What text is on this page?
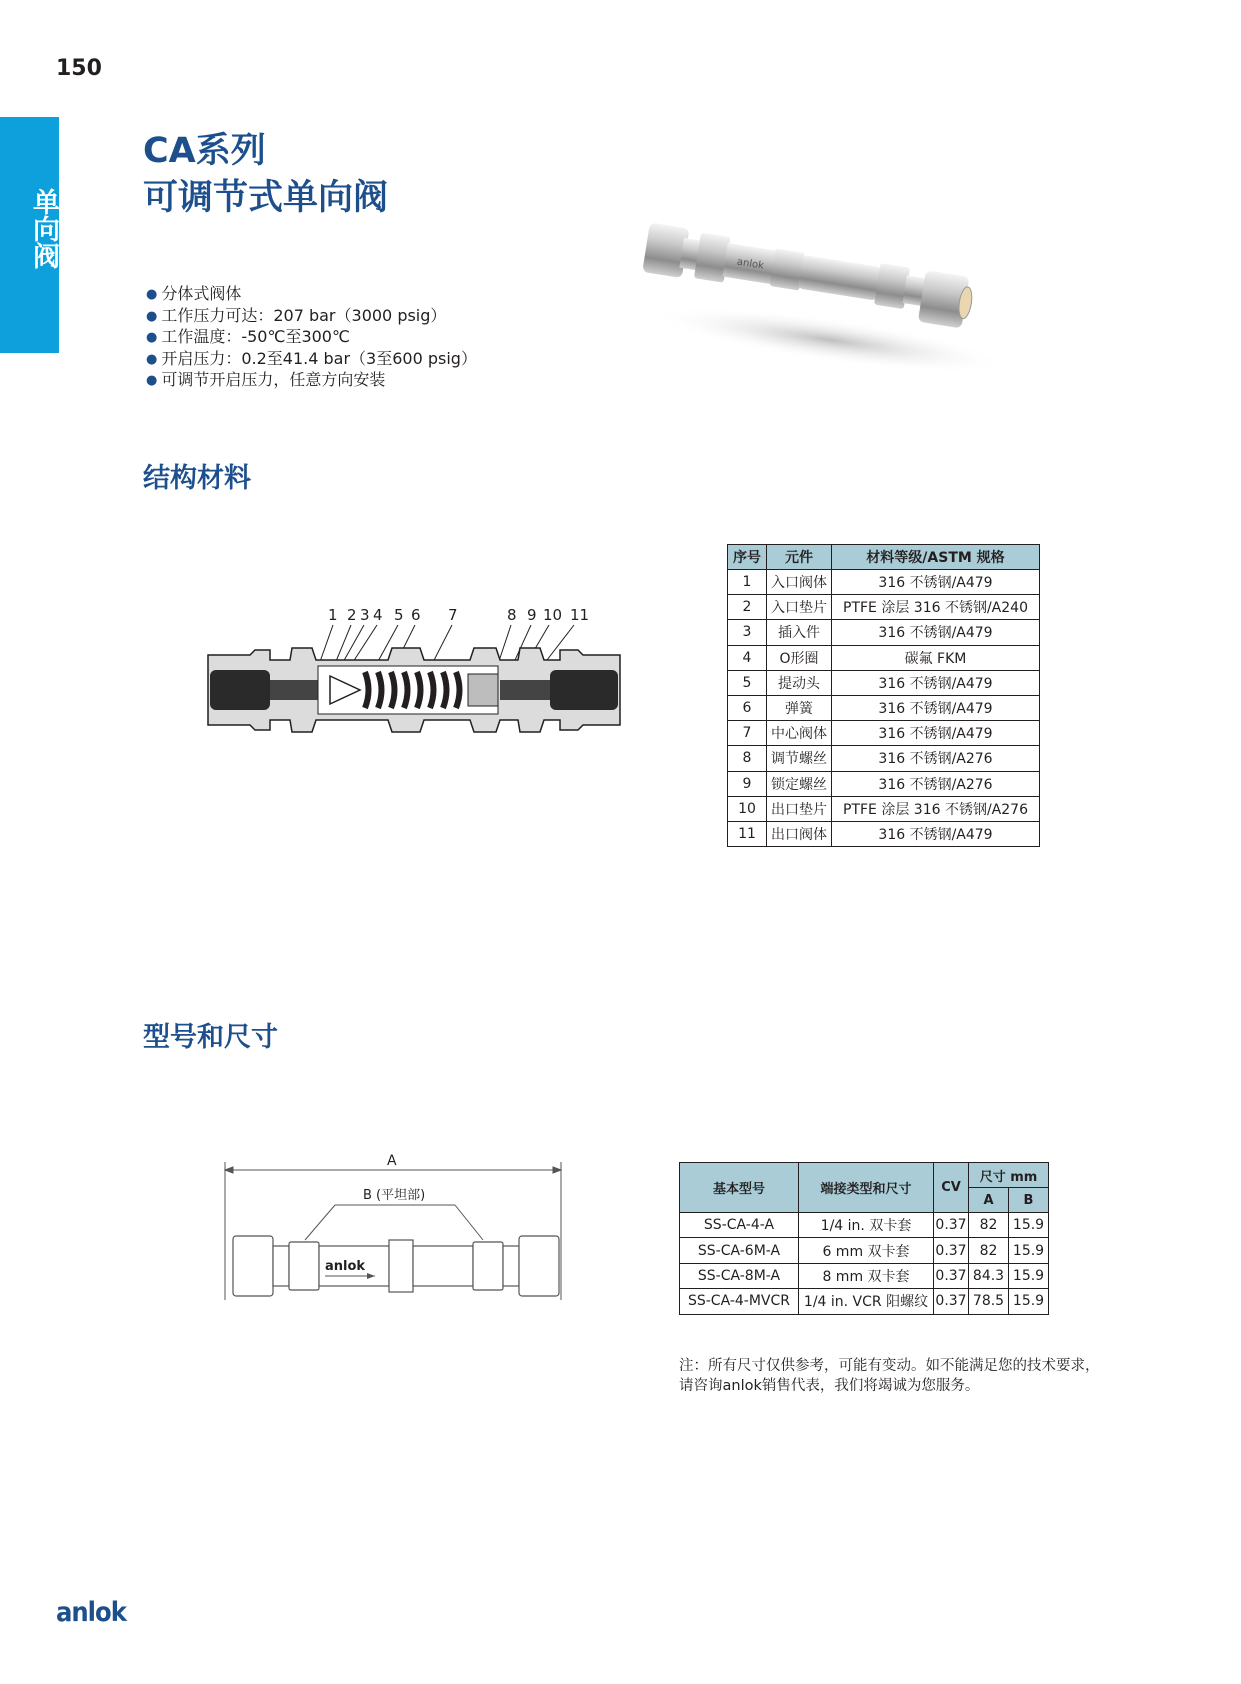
150
单向阀
CA系列
可调节式单向阀
● 分体式阀体
● 工作压力可达：207 bar（3000 psig）
● 工作温度：-50℃至300℃
● 开启压力：0.2至41.4 bar（3至600 psig）
● 可调节开启压力，任意方向安装
anlok
结构材料
1 2 3 4 5 6 7	8 9 10 11
序号	元件	材料等级/ASTM 规格
1	入口阀体	316 不锈钢/A479
2	入口垫片	PTFE 涂层 316 不锈钢/A240
3	插入件	316 不锈钢/A479
4	O形圈	碳氟 FKM
5	提动头	316 不锈钢/A479
6	弹簧	316 不锈钢/A479
7	中心阀体	316 不锈钢/A479
8	调节螺丝	316 不锈钢/A276
9	锁定螺丝	316 不锈钢/A276
10	出口垫片	PTFE 涂层 316 不锈钢/A276
11	出口阀体	316 不锈钢/A479
型号和尺寸
A
B (平坦部)
anlok
基本型号	端接类型和尺寸	CV	尺寸 mm	
			A	B
SS-CA-4-A	1/4 in. 双卡套	0.37	82	15.9
SS-CA-6M-A	6 mm 双卡套	0.37	82	15.9
SS-CA-8M-A	8 mm 双卡套	0.37	84.3	15.9
SS-CA-4-MVCR	1/4 in. VCR 阳螺纹	0.37	78.5	15.9
注：所有尺寸仅供参考，可能有变动。如不能满足您的技术要求，
请咨询anlok销售代表，我们将竭诚为您服务。
anlok
